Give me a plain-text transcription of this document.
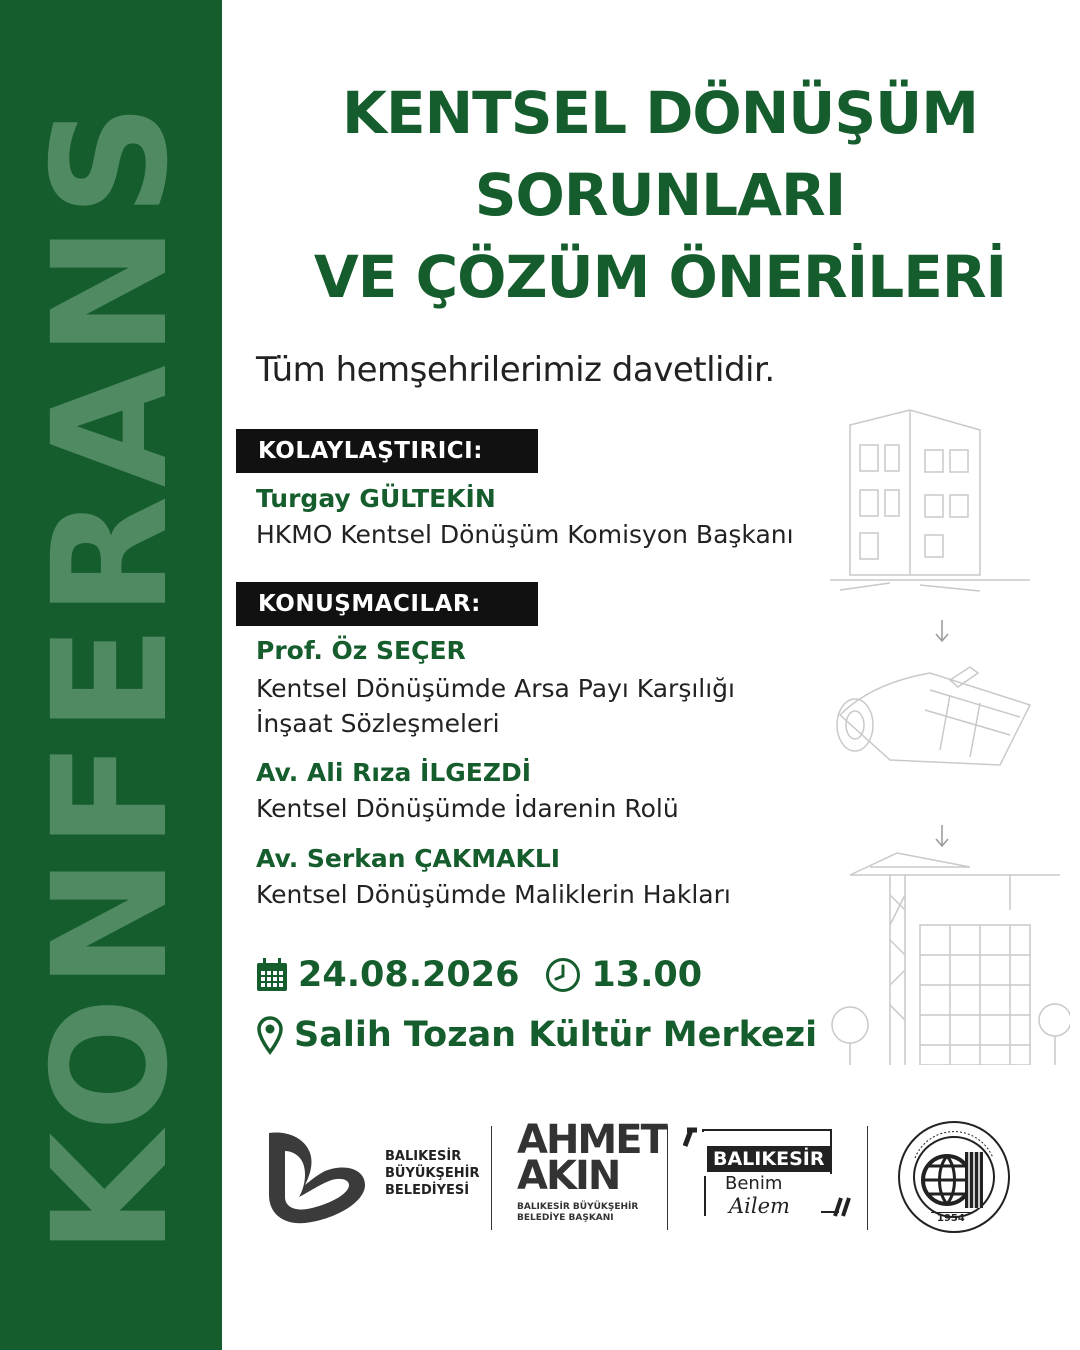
KONFERANS	KENTSEL DÖNÜŞÜM
SORUNLARI
VE ÇÖZÜM ÖNERİLERİ
Tüm hemşehrilerimiz davetlidir.
KOLAYLAŞTIRICI:
Turgay GÜLTEKİN
HKMO Kentsel Dönüşüm Komisyon Başkanı
KONUŞMACILAR:
Prof. Öz SEÇER
Kentsel Dönüşümde Arsa Payı Karşılığı
İnşaat Sözleşmeleri
Av. Ali Rıza İLGEZDİ
Kentsel Dönüşümde İdarenin Rolü
Av. Serkan ÇAKMAKLI
Kentsel Dönüşümde Maliklerin Hakları
24.08.2026 13.00
Salih Tozan Kültür Merkezi
BALIKESİR
BÜYÜKŞEHİR
BELEDİYESİ
AHMET
AKIN
BALIKESİR BÜYÜKŞEHİR
BELEDİYE BAŞKANI
BALIKESİR
Benim
Ailem
1954
